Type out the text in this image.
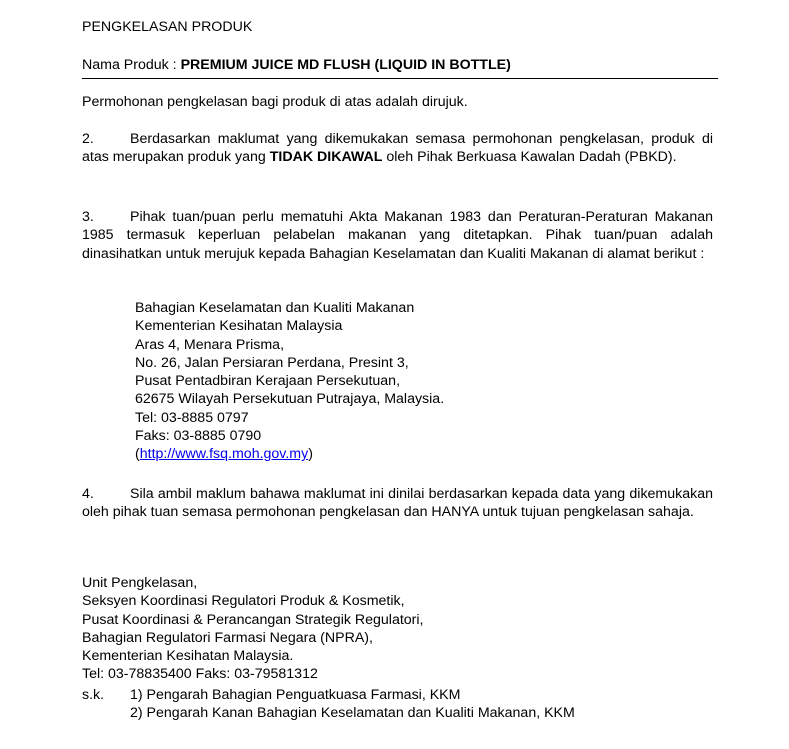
PENGKELASAN PRODUK
Nama Produk : PREMIUM JUICE MD FLUSH (LIQUID IN BOTTLE)
Permohonan pengkelasan bagi produk di atas adalah dirujuk.
2.	Berdasarkan maklumat yang dikemukakan semasa permohonan pengkelasan, produk di atas merupakan produk yang TIDAK DIKAWAL oleh Pihak Berkuasa Kawalan Dadah (PBKD).
3.	Pihak tuan/puan perlu mematuhi Akta Makanan 1983 dan Peraturan-Peraturan Makanan 1985 termasuk keperluan pelabelan makanan yang ditetapkan. Pihak tuan/puan adalah dinasihatkan untuk merujuk kepada Bahagian Keselamatan dan Kualiti Makanan di alamat berikut :
Bahagian Keselamatan dan Kualiti Makanan
Kementerian Kesihatan Malaysia
Aras 4, Menara Prisma,
No. 26, Jalan Persiaran Perdana, Presint 3,
Pusat Pentadbiran Kerajaan Persekutuan,
62675 Wilayah Persekutuan Putrajaya, Malaysia.
Tel: 03-8885 0797
Faks: 03-8885 0790
(http://www.fsq.moh.gov.my)
4.	Sila ambil maklum bahawa maklumat ini dinilai berdasarkan kepada data yang dikemukakan oleh pihak tuan semasa permohonan pengkelasan dan HANYA untuk tujuan pengkelasan sahaja.
Unit Pengkelasan,
Seksyen Koordinasi Regulatori Produk & Kosmetik,
Pusat Koordinasi & Perancangan Strategik Regulatori,
Bahagian Regulatori Farmasi Negara (NPRA),
Kementerian Kesihatan Malaysia.
Tel: 03-78835400 Faks: 03-79581312
s.k. 1) Pengarah Bahagian Penguatkuasa Farmasi, KKM
2) Pengarah Kanan Bahagian Keselamatan dan Kualiti Makanan, KKM
